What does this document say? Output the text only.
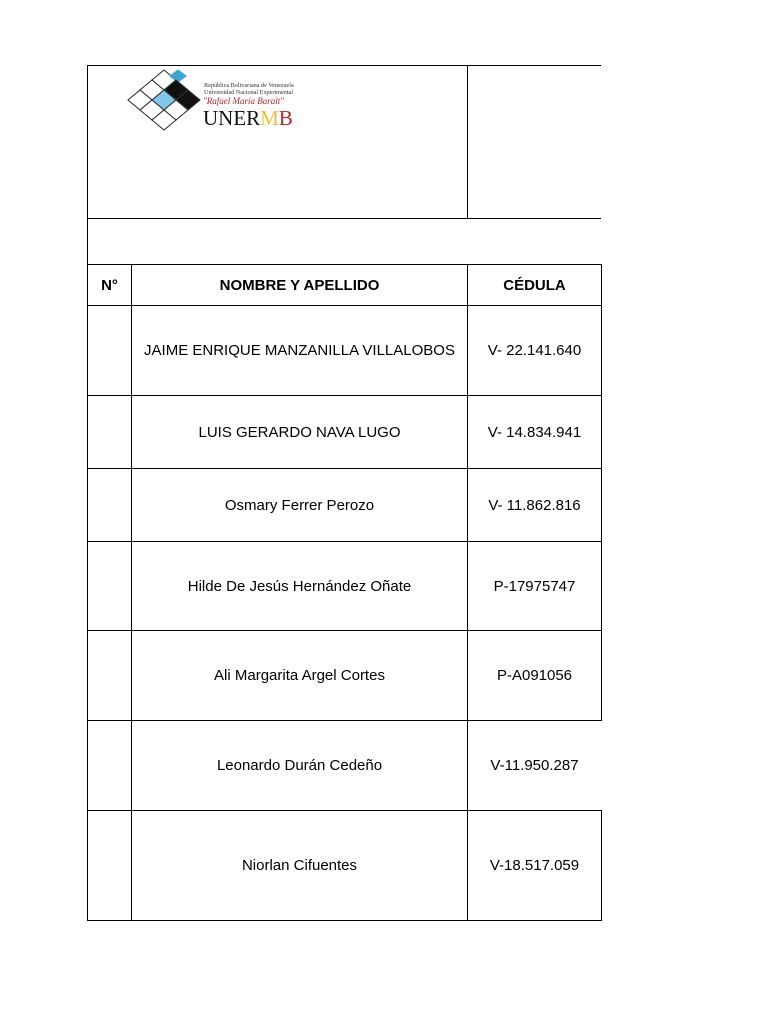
República Bolivariana de Venezuela
Universidad Nacional Experimental
"Rafael María Baralt"
UNERMB
N°	NOMBRE Y APELLIDO	CÉDULA
JAIME ENRIQUE MANZANILLA VILLALOBOS	V- 22.141.640
LUIS GERARDO NAVA LUGO	V- 14.834.941
Osmary Ferrer Perozo	V- 11.862.816
Hilde De Jesús Hernández Oñate	P-17975747
Ali Margarita Argel Cortes	P-A091056
Leonardo Durán Cedeño	V-11.950.287
Niorlan Cifuentes	V-18.517.059
